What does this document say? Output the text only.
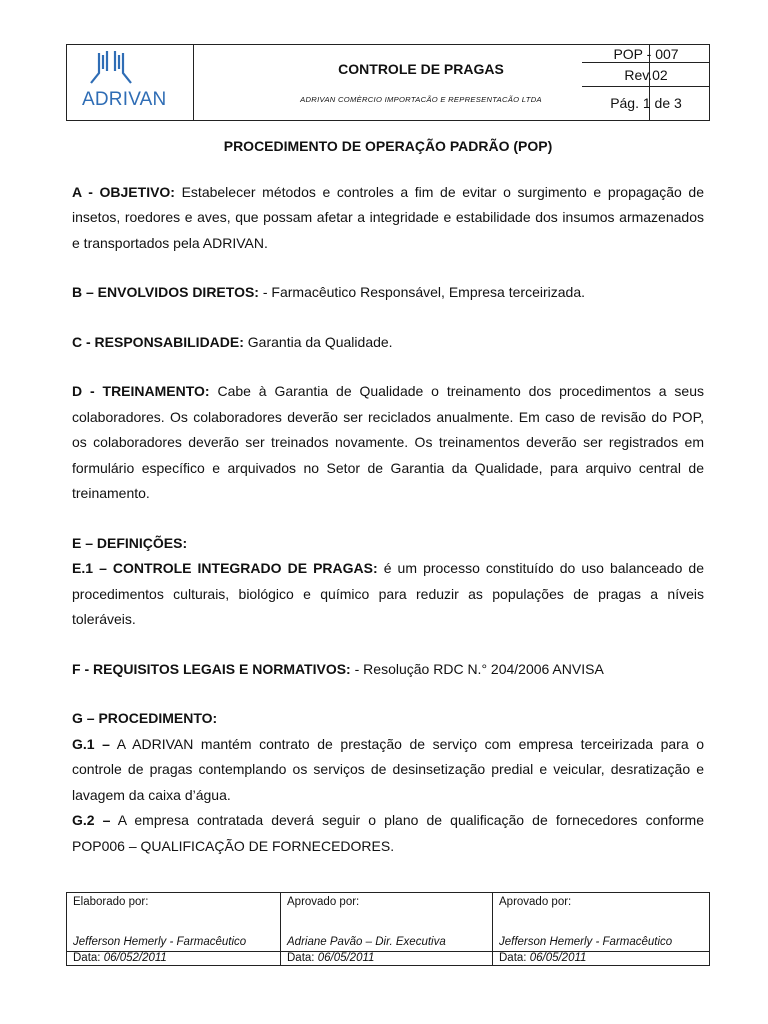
ADRIVAN
CONTROLE DE PRAGAS
ADRIVAN COMÈRCIO IMPORTACÃO E REPRESENTACÃO LTDA
POP - 007
Rev.02
Pág. 1 de 3
PROCEDIMENTO DE OPERAÇÃO PADRÃO (POP)

A - OBJETIVO: Estabelecer métodos e controles a fim de evitar o surgimento e propagação de insetos, roedores e aves, que possam afetar a integridade e estabilidade dos insumos armazenados e transportados pela ADRIVAN.

B – ENVOLVIDOS DIRETOS: - Farmacêutico Responsável, Empresa terceirizada.

C - RESPONSABILIDADE: Garantia da Qualidade.

D - TREINAMENTO: Cabe à Garantia de Qualidade o treinamento dos procedimentos a seus colaboradores. Os colaboradores deverão ser reciclados anualmente. Em caso de revisão do POP, os colaboradores deverão ser treinados novamente. Os treinamentos deverão ser registrados em formulário específico e arquivados no Setor de Garantia da Qualidade, para arquivo central de treinamento.

E – DEFINIÇÕES:

E.1 – CONTROLE INTEGRADO DE PRAGAS: é um processo constituído do uso balanceado de procedimentos culturais, biológico e químico para reduzir as populações de pragas a níveis toleráveis.

F - REQUISITOS LEGAIS E NORMATIVOS: - Resolução RDC N.° 204/2006 ANVISA

G – PROCEDIMENTO:

G.1 – A ADRIVAN mantém contrato de prestação de serviço com empresa terceirizada para o controle de pragas contemplando os serviços de desinsetização predial e veicular, desratização e lavagem da caixa d’água.

G.2 – A empresa contratada deverá seguir o plano de qualificação de fornecedores conforme POP006 – QUALIFICAÇÃO DE FORNECEDORES.

Elaborado por:
Jefferson Hemerly - Farmacêutico
Data: 06/052/2011
Aprovado por:
Adriane Pavão – Dir. Executiva
Data: 06/05/2011
Aprovado por:
Jefferson Hemerly - Farmacêutico
Data: 06/05/2011
